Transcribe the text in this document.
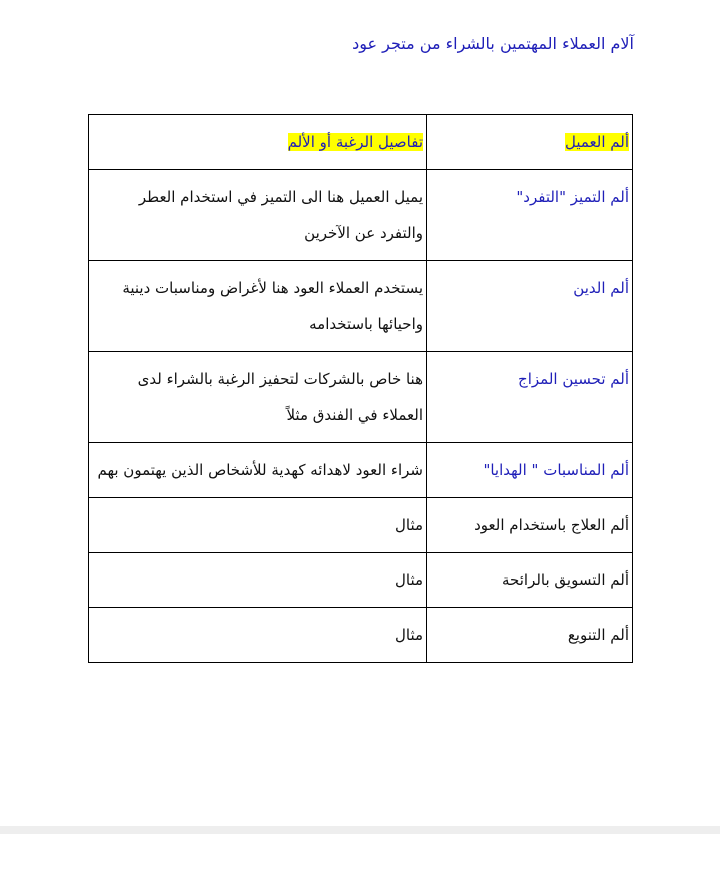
آلام العملاء المهتمين بالشراء من متجر عود
ألم العميل	تفاصيل الرغبة أو الألم
ألم التميز "التفرد"	يميل العميل هنا الى التميز في استخدام العطر والتفرد عن الآخرين
ألم الدين	يستخدم العملاء العود هنا لأغراض ومناسبات دينية واحيائها باستخدامه
ألم تحسين المزاج	هنا خاص بالشركات لتحفيز الرغبة بالشراء لدى العملاء في الفندق مثلاً
ألم المناسبات " الهدايا"	شراء العود لاهدائه كهدية للأشخاص الذين يهتمون بهم
ألم العلاج باستخدام العود	مثال
ألم التسويق بالرائحة	مثال
ألم التنويع	مثال
